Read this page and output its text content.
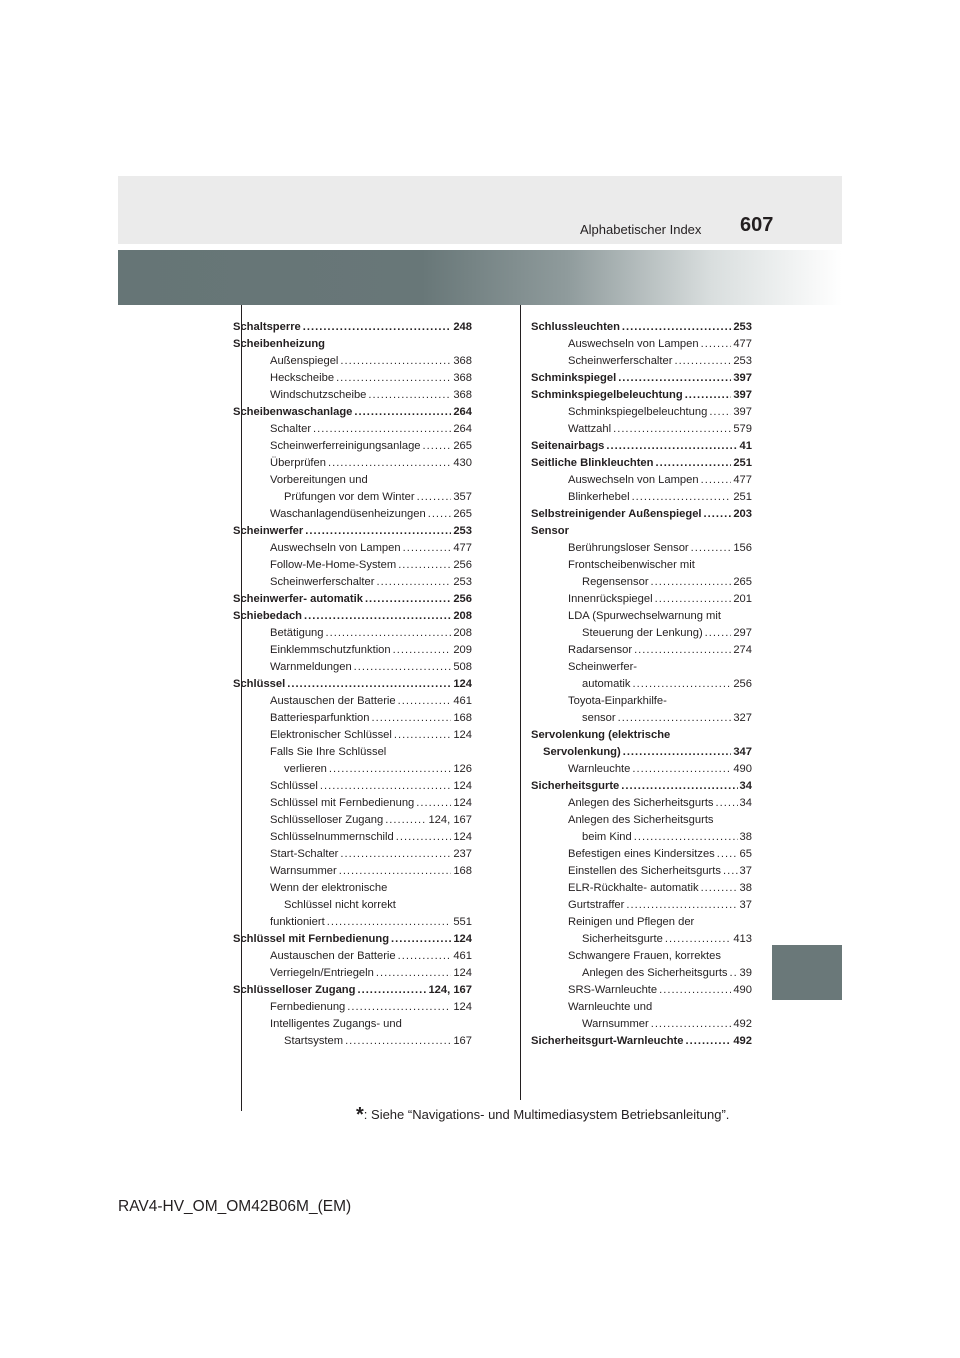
607
Alphabetischer Index
Schaltsperre .....	248
Scheibenheizung
Außenspiegel .....	368
Heckscheibe .....	368
Windschutzscheibe .....	368
Scheibenwaschanlage .....	264
Schalter .....	264
Scheinwerferreinigungsanlage .....	265
Überprüfen .....	430
Vorbereitungen und
Prüfungen vor dem Winter .....	357
Waschanlagendüsenheizungen ..... 265
Scheinwerfer .....	253
Auswechseln von Lampen .....	477
Follow-Me-Home-System .....	256
Scheinwerferschalter .....	253
Scheinwerfer- automatik .....	256
Schiebedach .....	208
Betätigung .....	208
Einklemmschutzfunktion .....	209
Warnmeldungen .....	508
Schlüssel .....	124
Austauschen der Batterie .....	461
Batteriesparfunktion .....	168
Elektronischer Schlüssel .....	124
Falls Sie Ihre Schlüssel
verlieren .....	126
Schlüssel .....	124
Schlüssel mit Fernbedienung .....	124
Schlüsselloser Zugang .....	124, 167
Schlüsselnummernschild .....	124
Start-Schalter .....	237
Warnsummer .....	168
Wenn der elektronische
Schlüssel nicht korrekt
funktioniert .....	551
Schlüssel mit Fernbedienung .....	124
Austauschen der Batterie .....	461
Verriegeln/Entriegeln .....	124
Schlüsselloser Zugang .....	124, 167
Fernbedienung .....	124
Intelligentes Zugangs- und
Startsystem .....	167
Schlussleuchten .....	253
Auswechseln von Lampen .....	477
Scheinwerferschalter .....	253
Schminkspiegel .....	397
Schminkspiegelbeleuchtung .....	397
Schminkspiegelbeleuchtung ..... 397
Wattzahl .....	579
Seitenairbags .....	41
Seitliche Blinkleuchten .....	251
Auswechseln von Lampen .....	477
Blinkerhebel .....	251
Selbstreinigender Außenspiegel .....	203
Sensor
Berührungsloser Sensor .....	156
Frontscheibenwischer mit
Regensensor .....	265
Innenrückspiegel .....	201
LDA (Spurwechselwarnung mit
Steuerung der Lenkung) .....	297
Radarsensor .....	274
Scheinwerfer-
automatik .....	256
Toyota-Einparkhilfe-
sensor .....	327
Servolenkung (elektrische
Servolenkung) .....	347
Warnleuchte .....	490
Sicherheitsgurte .....	34
Anlegen des Sicherheitsgurts ..... 34
Anlegen des Sicherheitsgurts
beim Kind .....	38
Befestigen eines Kindersitzes ..... 65
Einstellen des Sicherheitsgurts ..... 37
ELR-Rückhalte- automatik .....	38
Gurtstraffer .....	37
Reinigen und Pflegen der
Sicherheitsgurte .....	413
Schwangere Frauen, korrektes
Anlegen des Sicherheitsgurts ..... 39
SRS-Warnleuchte .....	490
Warnleuchte und
Warnsummer .....	492
Sicherheitsgurt-Warnleuchte .....	492
*: Siehe “Navigations- und Multimediasystem Betriebsanleitung”.
RAV4-HV_OM_OM42B06M_(EM)
